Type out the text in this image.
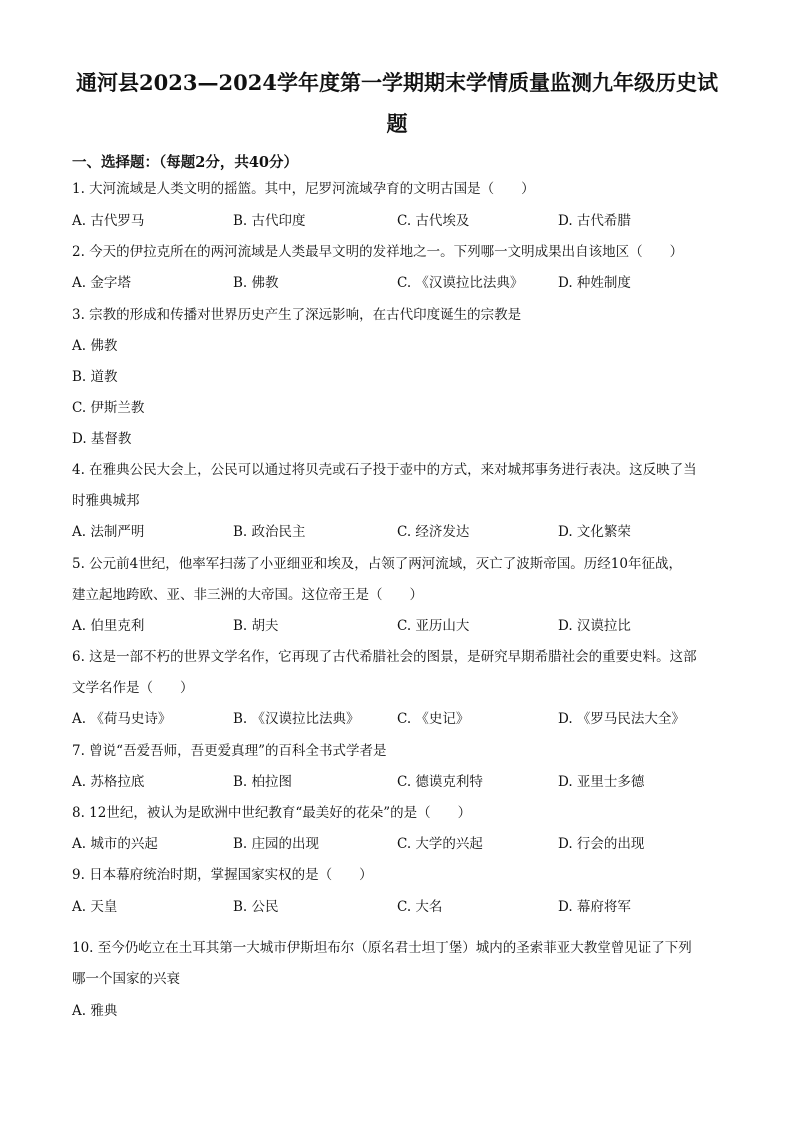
通河县2023—2024学年度第一学期期末学情质量监测九年级历史试
题
一、选择题：（每题2分，共40分）
1. 大河流域是人类文明的摇篮。其中，尼罗河流域孕育的文明古国是（　　）
A. 古代罗马	B. 古代印度	C. 古代埃及	D. 古代希腊
2. 今天的伊拉克所在的两河流域是人类最早文明的发祥地之一。下列哪一文明成果出自该地区（　　）
A. 金字塔	B. 佛教	C. 《汉谟拉比法典》	D. 种姓制度
3. 宗教的形成和传播对世界历史产生了深远影响，在古代印度诞生的宗教是
A. 佛教
B. 道教
C. 伊斯兰教
D. 基督教
4. 在雅典公民大会上，公民可以通过将贝壳或石子投于壶中的方式，来对城邦事务进行表决。这反映了当
时雅典城邦
A. 法制严明	B. 政治民主	C. 经济发达	D. 文化繁荣
5. 公元前4世纪，他率军扫荡了小亚细亚和埃及，占领了两河流域，灭亡了波斯帝国。历经10年征战，
建立起地跨欧、亚、非三洲的大帝国。这位帝王是（　　）
A. 伯里克利	B. 胡夫	C. 亚历山大	D. 汉谟拉比
6. 这是一部不朽的世界文学名作，它再现了古代希腊社会的图景，是研究早期希腊社会的重要史料。这部
文学名作是（　　）
A. 《荷马史诗》	B. 《汉谟拉比法典》	C. 《史记》	D. 《罗马民法大全》
7. 曾说“吾爱吾师，吾更爱真理”的百科全书式学者是
A. 苏格拉底	B. 柏拉图	C. 德谟克利特	D. 亚里士多德
8. 12世纪，被认为是欧洲中世纪教育“最美好的花朵”的是（　　）
A. 城市的兴起	B. 庄园的出现	C. 大学的兴起	D. 行会的出现
9. 日本幕府统治时期，掌握国家实权的是（　　）
A. 天皇	B. 公民	C. 大名	D. 幕府将军
10. 至今仍屹立在土耳其第一大城市伊斯坦布尔（原名君士坦丁堡）城内的圣索菲亚大教堂曾见证了下列
哪一个国家的兴衰
A. 雅典
